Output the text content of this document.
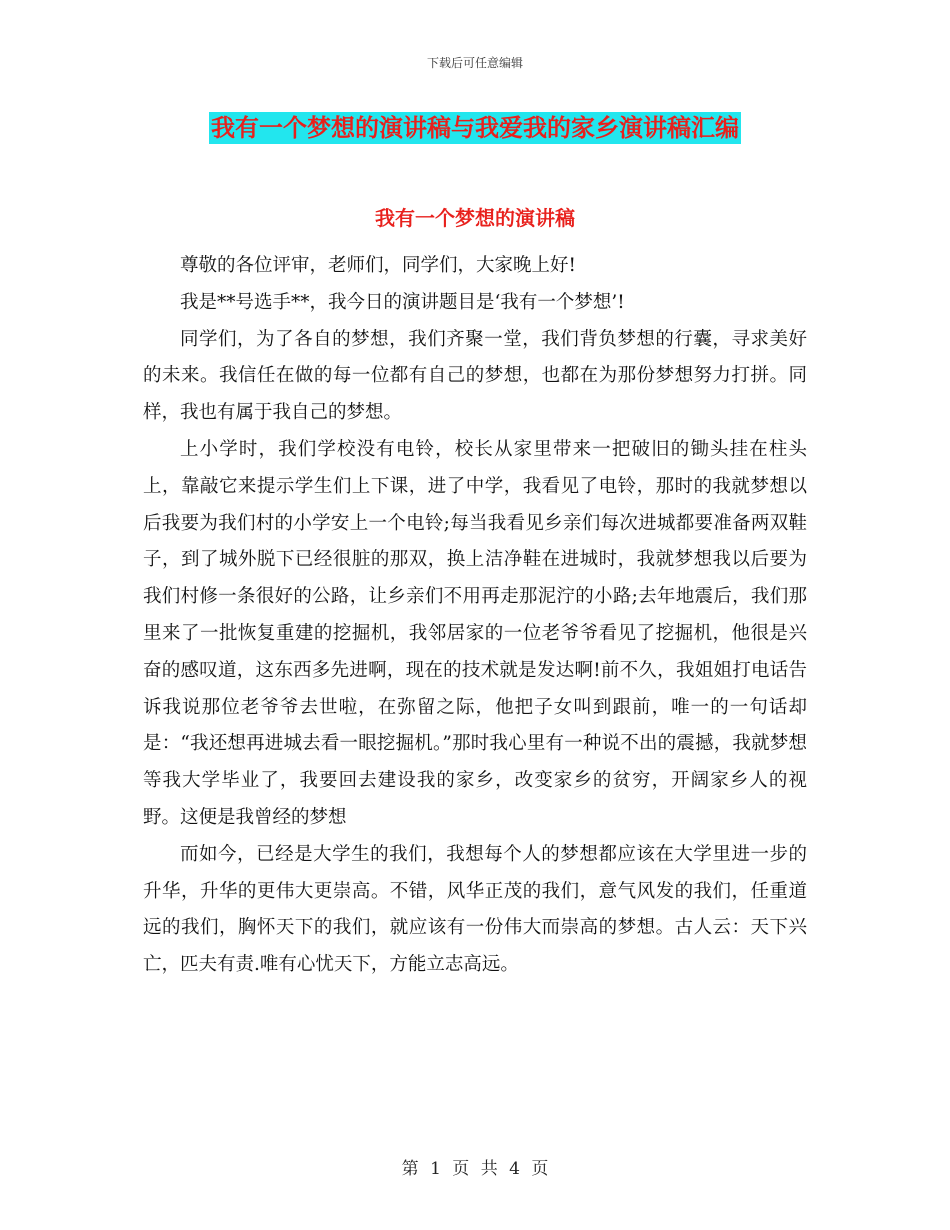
下载后可任意编辑
我有一个梦想的演讲稿与我爱我的家乡演讲稿汇编
我有一个梦想的演讲稿

尊敬的各位评审，老师们，同学们，大家晚上好!

我是**号选手**，我今日的演讲题目是‘我有一个梦想’!

同学们，为了各自的梦想，我们齐聚一堂，我们背负梦想的行囊，寻求美好的未来。我信任在做的每一位都有自己的梦想，也都在为那份梦想努力打拼。同样，我也有属于我自己的梦想。

上小学时，我们学校没有电铃，校长从家里带来一把破旧的锄头挂在柱头上，靠敲它来提示学生们上下课，进了中学，我看见了电铃，那时的我就梦想以后我要为我们村的小学安上一个电铃;每当我看见乡亲们每次进城都要准备两双鞋子，到了城外脱下已经很脏的那双，换上洁净鞋在进城时，我就梦想我以后要为我们村修一条很好的公路，让乡亲们不用再走那泥泞的小路;去年地震后，我们那里来了一批恢复重建的挖掘机，我邻居家的一位老爷爷看见了挖掘机，他很是兴奋的感叹道，这东西多先进啊，现在的技术就是发达啊!前不久，我姐姐打电话告诉我说那位老爷爷去世啦，在弥留之际，他把子女叫到跟前，唯一的一句话却是：“我还想再进城去看一眼挖掘机。”那时我心里有一种说不出的震撼，我就梦想等我大学毕业了，我要回去建设我的家乡，改变家乡的贫穷，开阔家乡人的视野。这便是我曾经的梦想

而如今，已经是大学生的我们，我想每个人的梦想都应该在大学里进一步的升华，升华的更伟大更崇高。不错，风华正茂的我们，意气风发的我们，任重道远的我们，胸怀天下的我们，就应该有一份伟大而崇高的梦想。古人云：天下兴亡，匹夫有责.唯有心忧天下，方能立志高远。

第 1 页 共 4 页
